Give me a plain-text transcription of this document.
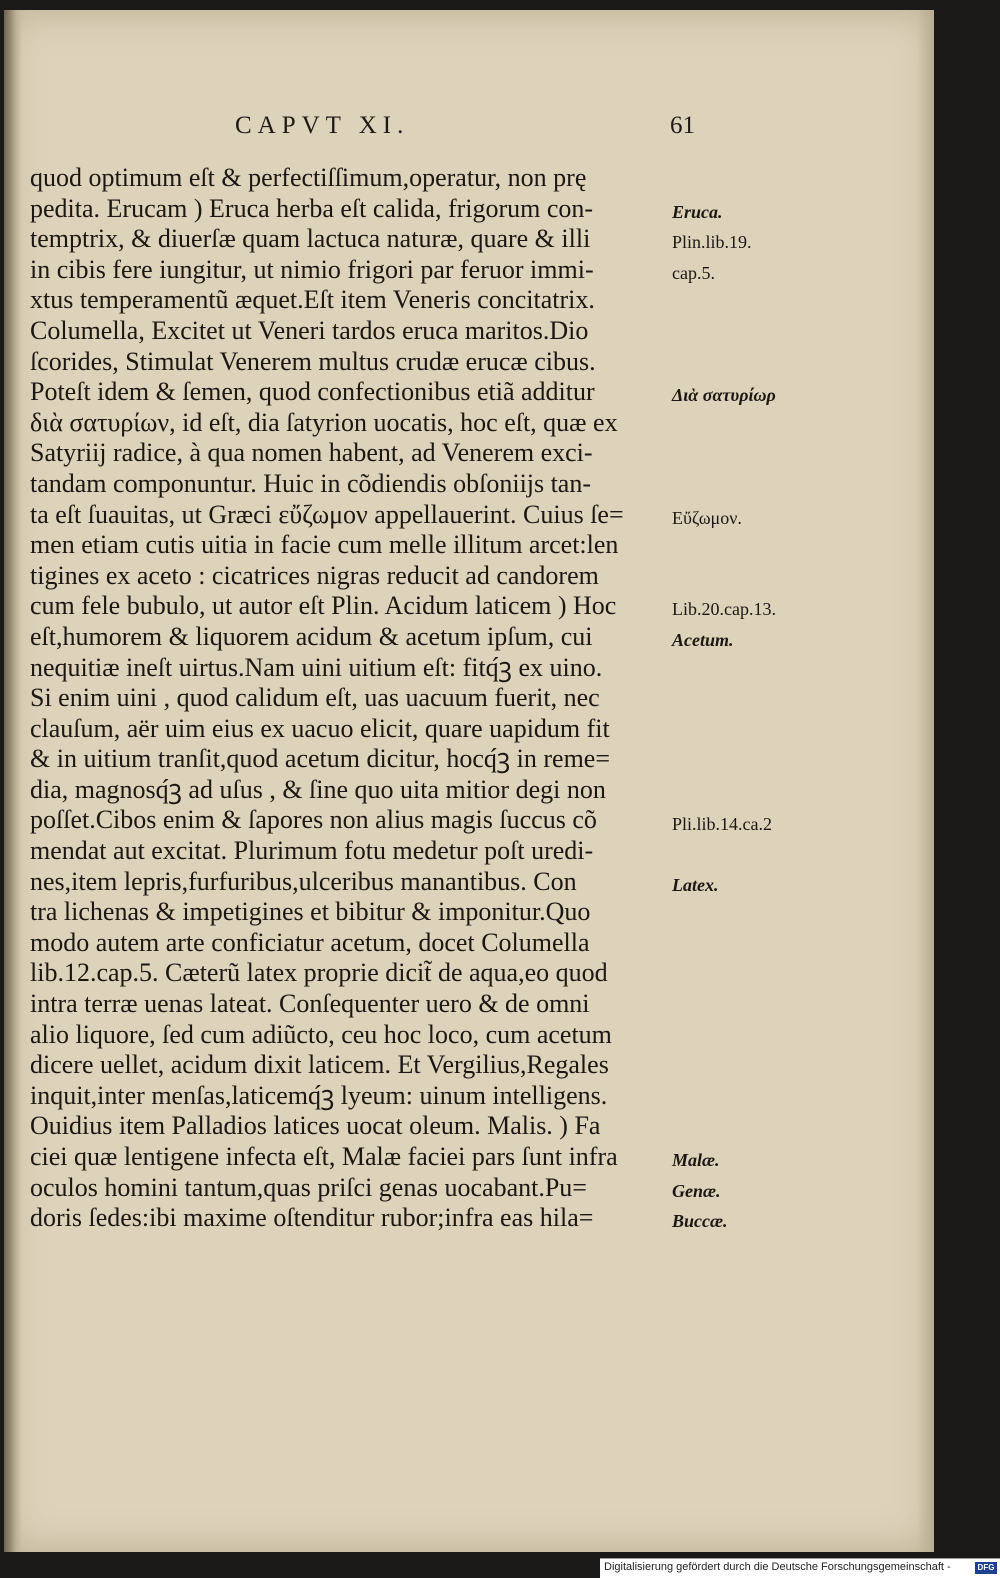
CAPVT XI.	61
quod optimum eſt & perfectiſſimum,operatur, non prę
pedita. Erucam ) Eruca herba eſt calida, frigorum con-
temptrix, & diuerſæ quam lactuca naturæ, quare & illi
in cibis fere iungitur, ut nimio frigori par feruor immi-
xtus temperamentũ æquet.Eſt item Veneris concitatrix.
Columella, Excitet ut Veneri tardos eruca maritos.Dio
ſcorides, Stimulat Venerem multus crudæ erucæ cibus.
Poteſt idem & ſemen, quod confectionibus etiã additur
διὰ σατυρίων, id eſt, dia ſatyrion uocatis, hoc eſt, quæ ex
Satyriĳ radice, à qua nomen habent, ad Venerem exci-
tandam componuntur. Huic in cõdiendis obſoniĳs tan-
ta eſt ſuauitas, ut Græci εὔζωμον appellauerint. Cuius ſe=
men etiam cutis uitia in facie cum melle illitum arcet:len
tigines ex aceto : cicatrices nigras reducit ad candorem
cum fele bubulo, ut autor eſt Plin. Acidum laticem ) Hoc
eſt,humorem & liquorem acidum & acetum ipſum, cui
nequitiæ ineſt uirtus.Nam uini uitium eſt: fitq́ꝫ ex uino.
Si enim uini , quod calidum eſt, uas uacuum fuerit, nec
clauſum, aër uim eius ex uacuo elicit, quare uapidum fit
& in uitium tranſit,quod acetum dicitur, hocq́ꝫ in reme=
dia, magnosq́ꝫ ad uſus , & ſine quo uita mitior degi non
poſſet.Cibos enim & ſapores non alius magis ſuccus cõ
mendat aut excitat. Plurimum fotu medetur poſt uredi-
nes,item lepris,furfuribus,ulceribus manantibus. Con
tra lichenas & impetigines et bibitur & imponitur.Quo
modo autem arte conficiatur acetum, docet Columella
lib.12.cap.5. Cæterũ latex proprie dicit̃ de aqua,eo quod
intra terræ uenas lateat. Conſequenter uero & de omni
alio liquore, ſed cum adiũcto, ceu hoc loco, cum acetum
dicere uellet, acidum dixit laticem. Et Vergilius,Regales
inquit,inter menſas,laticemq́ꝫ lyeum: uinum intelligens.
Ouidius item Palladios latices uocat oleum. Malis. ) Fa
ciei quæ lentigene infecta eſt, Malæ faciei pars ſunt infra
oculos homini tantum,quas priſci genas uocabant.Pu=
doris ſedes:ibi maxime oſtenditur rubor;infra eas hila=
Eruca.
Plin.lib.19.
cap.5.
Διὰ σατυρίωρ
Εὔζωμον.
Lib.20.cap.13.
Acetum.
Pli.lib.14.ca.2
Latex.
Malæ.
Genæ.
Buccæ.
Digitalisierung gefördert durch die Deutsche Forschungsgemeinschaft -	DFG
